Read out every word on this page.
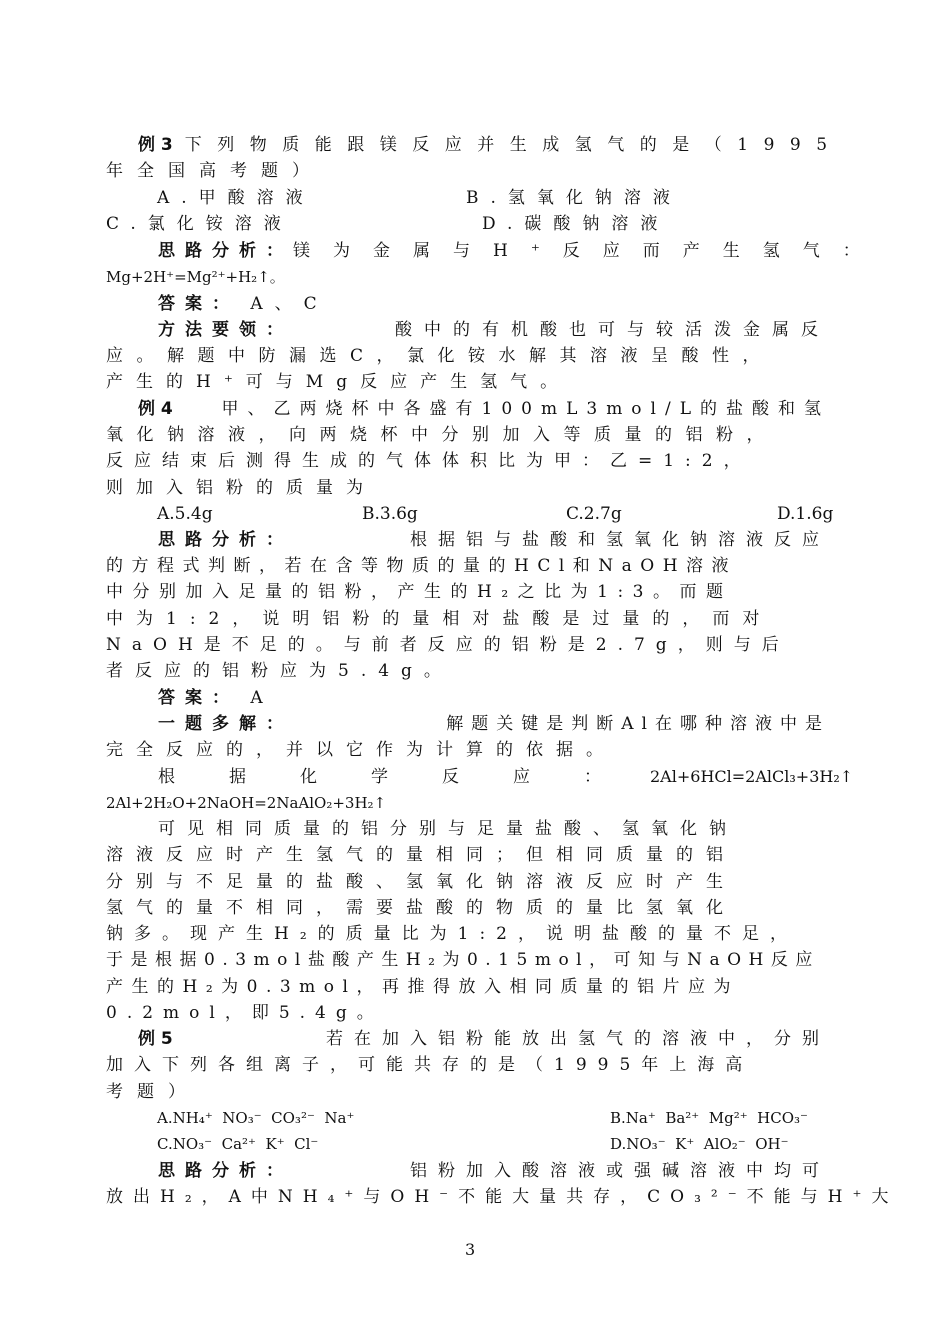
例 3 下列物质能跟镁反应并生成氢气的是（1995
年全国高考题）
A.甲酸溶液	B.氢氧化钠溶液
C.氯化铵溶液	D.碳酸钠溶液
思路分析： 镁为金属与H⁺反应而产生氢气：
Mg+2H⁺=Mg²⁺+H₂↑。
答案： A、C
方法要领：	酸中的有机酸也可与较活泼金属反
应。解题中防漏选C，氯化铵水解其溶液呈酸性，
产生的H⁺可与Mg反应产生氢气。
例 4	甲、乙两烧杯中各盛有100mL3mol/L的盐酸和氢
氧化钠溶液，向两烧杯中分别加入等质量的铝粉，
反应结束后测得生成的气体体积比为甲：乙=1:2，
则加入铝粉的质量为
A.5.4g	B.3.6g	C.2.7g	D.1.6g
思路分析：	根据铝与盐酸和氢氧化钠溶液反应
的方程式判断，若在含等物质的量的HCl和NaOH溶液
中分别加入足量的铝粉，产生的H₂之比为1:3。而题
中为1:2，说明铝粉的量相对盐酸是过量的，而对
NaOH是不足的。与前者反应的铝粉是2.7g，则与后
者反应的铝粉应为5.4g。
答案： A
一题多解：	解题关键是判断Al在哪种溶液中是
完全反应的，并以它作为计算的依据。
根据化学反应：
2Al+6HCl=2AlCl₃+3H₂↑
2Al+2H₂O+2NaOH=2NaAlO₂+3H₂↑
可见相同质量的铝分别与足量盐酸、氢氧化钠
溶液反应时产生氢气的量相同；但相同质量的铝
分别与不足量的盐酸、氢氧化钠溶液反应时产生
氢气的量不相同，需要盐酸的物质的量比氢氧化
钠多。现产生H₂的质量比为1:2，说明盐酸的量不足，
于是根据0.3mol盐酸产生H₂为0.15mol，可知与NaOH反应
产生的H₂为0.3mol，再推得放入相同质量的铝片应为
0.2mol，即5.4g。
例 5	若在加入铝粉能放出氢气的溶液中，分别
加入下列各组离子，可能共存的是（1995年上海高
考题）
A.NH₄⁺  NO₃⁻  CO₃²⁻  Na⁺	B.Na⁺  Ba²⁺  Mg²⁺  HCO₃⁻
C.NO₃⁻  Ca²⁺  K⁺  Cl⁻	D.NO₃⁻  K⁺  AlO₂⁻  OH⁻
思路分析：	铝粉加入酸溶液或强碱溶液中均可
放出H₂，A中NH₄⁺与OH⁻不能大量共存，CO₃²⁻不能与H⁺大
3
